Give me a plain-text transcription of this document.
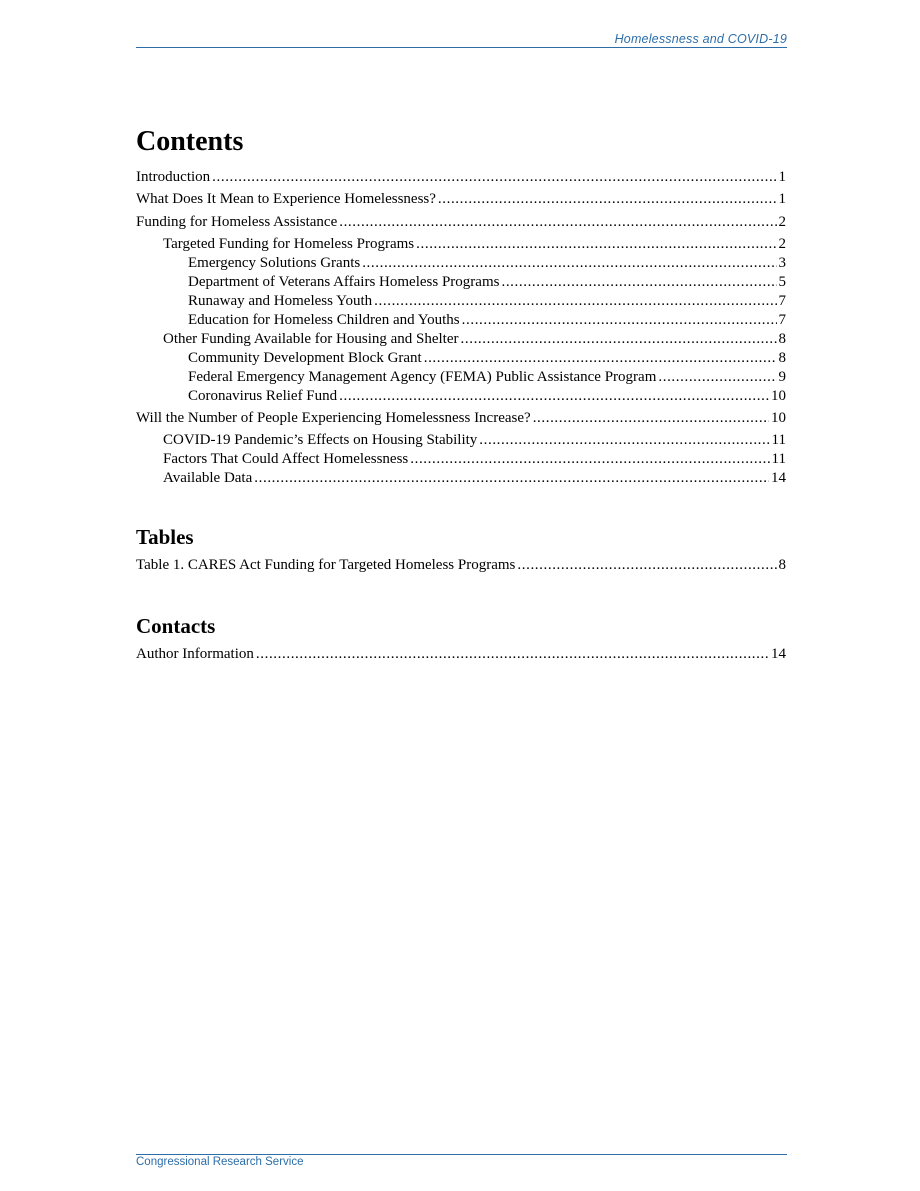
Homelessness and COVID-19
Contents
Introduction .....	1
What Does It Mean to Experience Homelessness? .....	1
Funding for Homeless Assistance .....	2
Targeted Funding for Homeless Programs .....	2
Emergency Solutions Grants .....	3
Department of Veterans Affairs Homeless Programs .....	5
Runaway and Homeless Youth .....	7
Education for Homeless Children and Youths .....	7
Other Funding Available for Housing and Shelter .....	8
Community Development Block Grant .....	8
Federal Emergency Management Agency (FEMA) Public Assistance Program .....	9
Coronavirus Relief Fund .....	10
Will the Number of People Experiencing Homelessness Increase? .....	10
COVID-19 Pandemic’s Effects on Housing Stability .....	11
Factors That Could Affect Homelessness .....	11
Available Data .....	14
Tables
Table 1. CARES Act Funding for Targeted Homeless Programs .....	8
Contacts
Author Information .....	14
Congressional Research Service
